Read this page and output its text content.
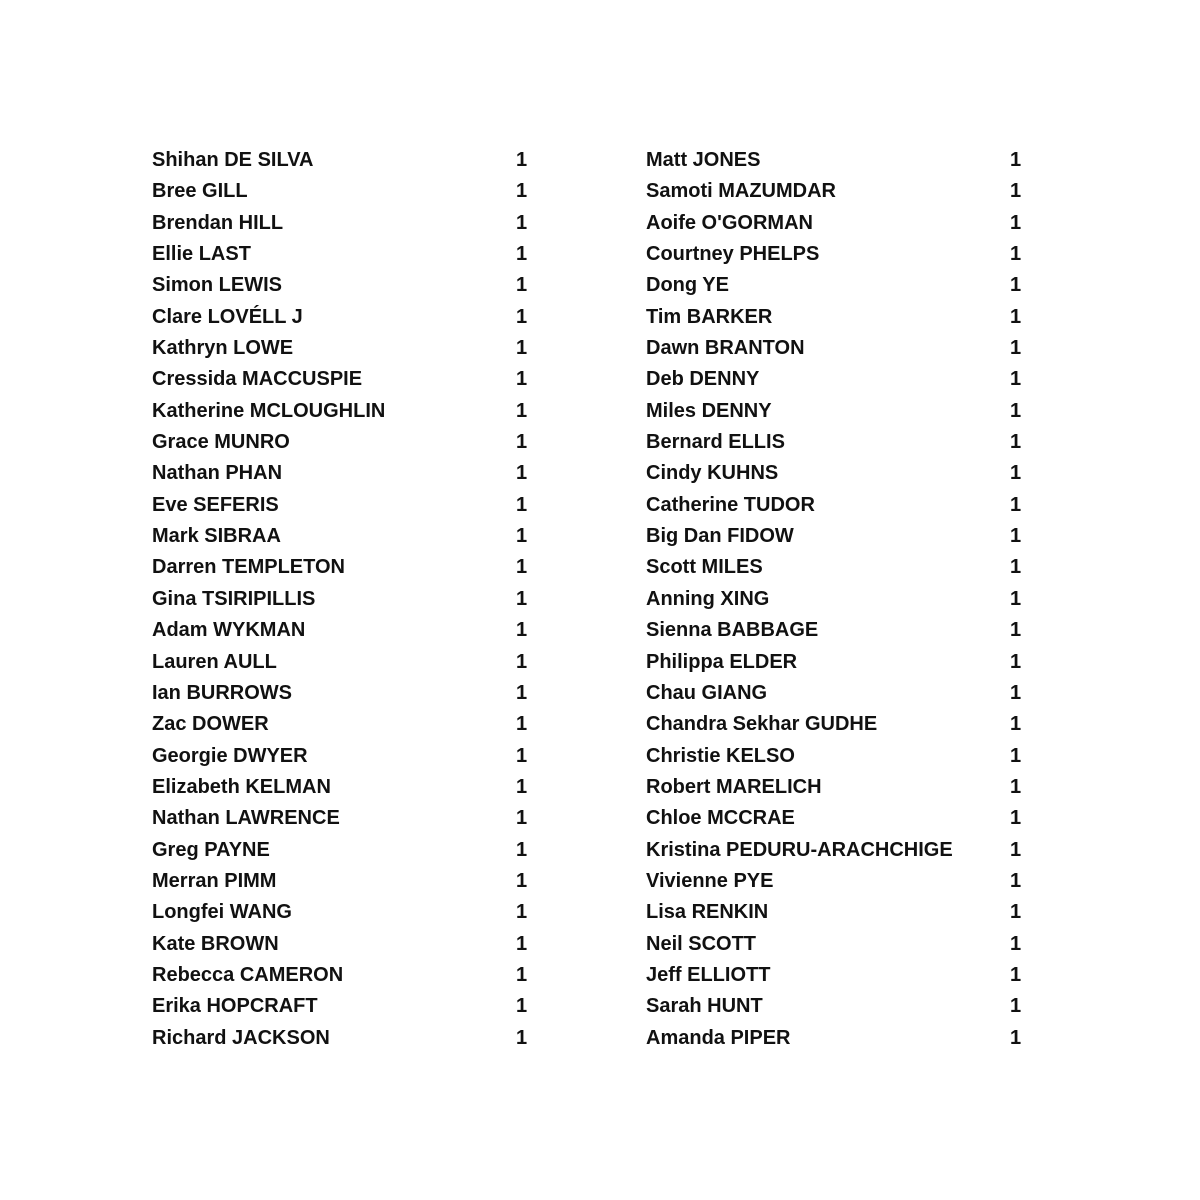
Shihan DE SILVA	1
Bree GILL	1
Brendan HILL	1
Ellie LAST	1
Simon LEWIS	1
Clare LOVÉLL J	1
Kathryn LOWE	1
Cressida MACCUSPIE	1
Katherine MCLOUGHLIN	1
Grace MUNRO	1
Nathan PHAN	1
Eve SEFERIS	1
Mark SIBRAA	1
Darren TEMPLETON	1
Gina TSIRIPILLIS	1
Adam WYKMAN	1
Lauren AULL	1
Ian BURROWS	1
Zac DOWER	1
Georgie DWYER	1
Elizabeth KELMAN	1
Nathan LAWRENCE	1
Greg PAYNE	1
Merran PIMM	1
Longfei WANG	1
Kate BROWN	1
Rebecca CAMERON	1
Erika HOPCRAFT	1
Richard JACKSON	1
Matt JONES	1
Samoti MAZUMDAR	1
Aoife O'GORMAN	1
Courtney PHELPS	1
Dong YE	1
Tim BARKER	1
Dawn BRANTON	1
Deb DENNY	1
Miles DENNY	1
Bernard ELLIS	1
Cindy KUHNS	1
Catherine TUDOR	1
Big Dan FIDOW	1
Scott MILES	1
Anning XING	1
Sienna BABBAGE	1
Philippa ELDER	1
Chau GIANG	1
Chandra Sekhar GUDHE	1
Christie KELSO	1
Robert MARELICH	1
Chloe MCCRAE	1
Kristina PEDURU-ARACHCHIGE	1
Vivienne PYE	1
Lisa RENKIN	1
Neil SCOTT	1
Jeff ELLIOTT	1
Sarah HUNT	1
Amanda PIPER	1
